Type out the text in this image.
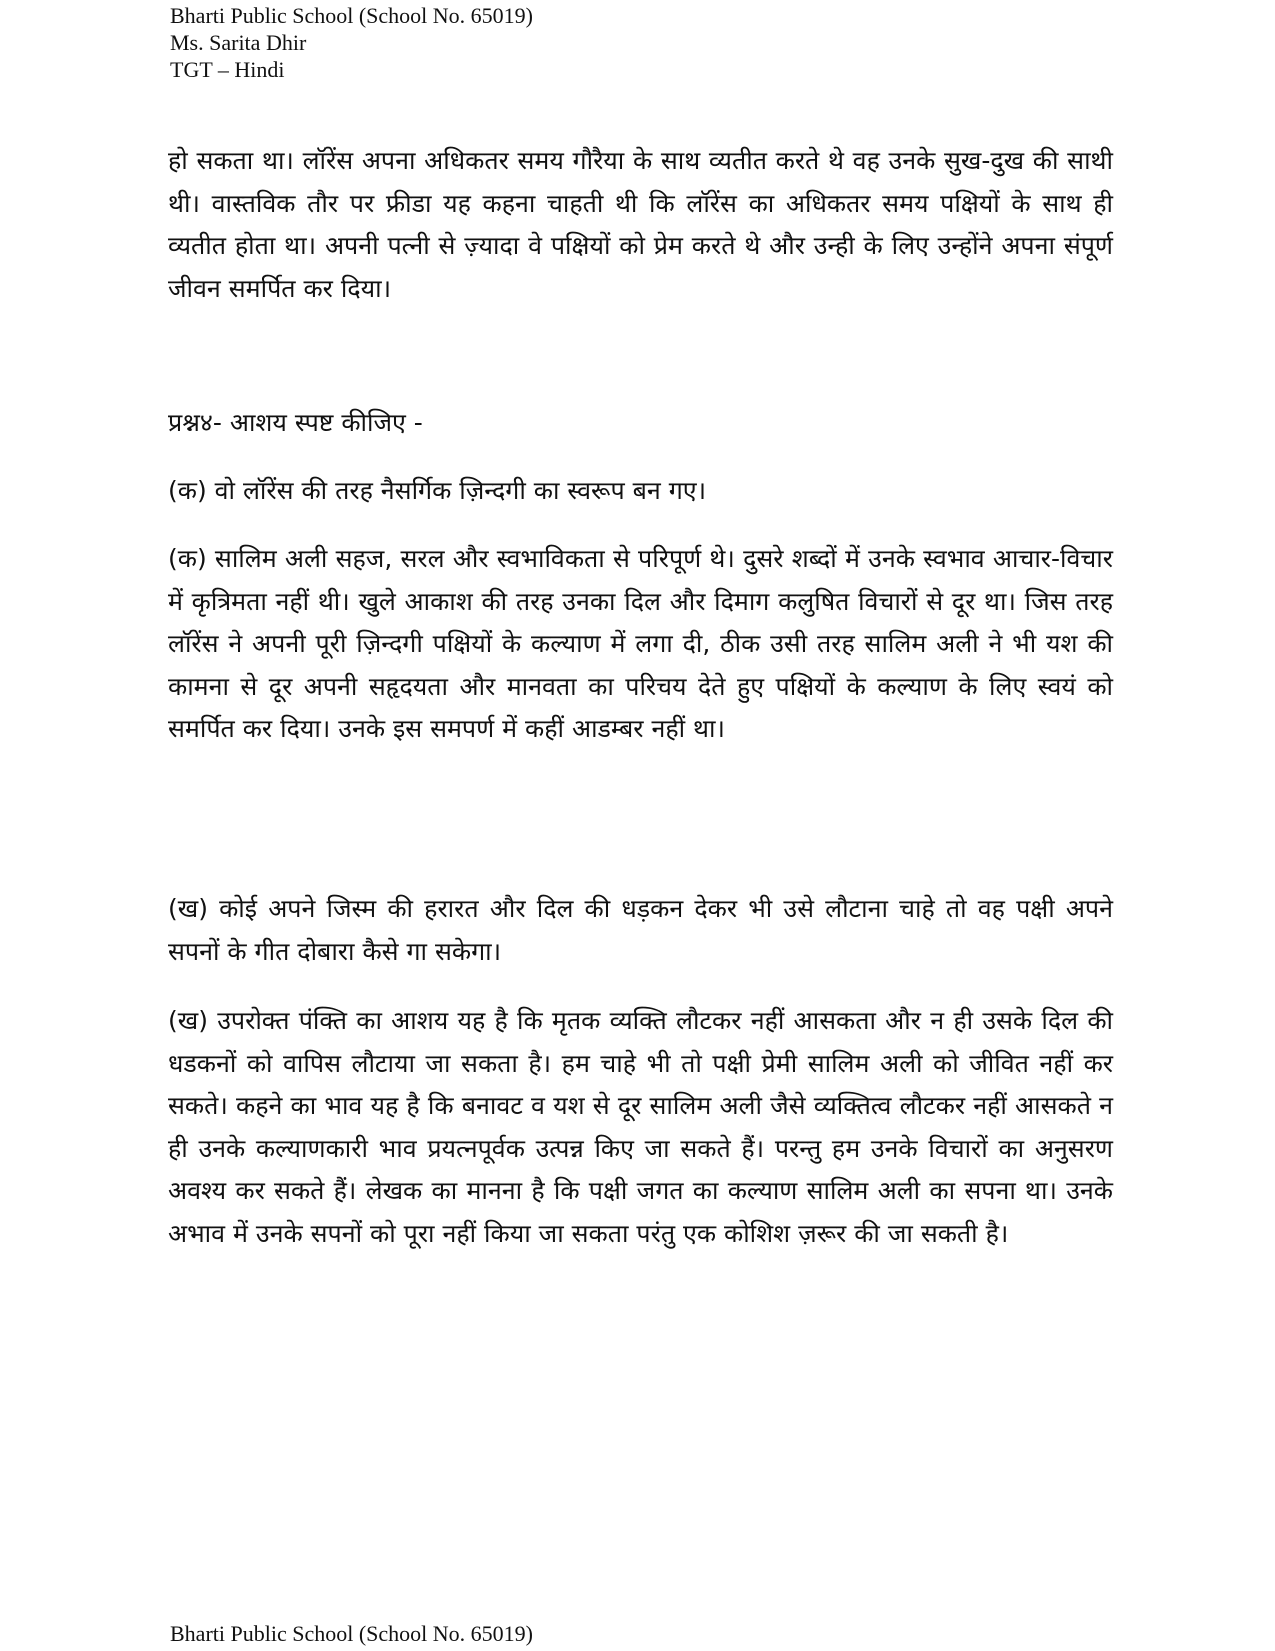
Bharti Public School (School No. 65019)
Ms. Sarita Dhir
TGT – Hindi

हो सकता था। लॉरेंस अपना अधिकतर समय गौरैया के साथ व्यतीत करते थे वह उनके सुख-दुख की साथी थी। वास्तविक तौर पर फ्रीडा यह कहना चाहती थी कि लॉरेंस का अधिकतर समय पक्षियों के साथ ही व्यतीत होता था। अपनी पत्नी से ज़्यादा वे पक्षियों को प्रेम करते थे और उन्ही के लिए उन्होंने अपना संपूर्ण जीवन समर्पित कर दिया।

प्रश्न४- आशय स्पष्ट कीजिए -

(क) वो लॉरेंस की तरह नैसर्गिक ज़िन्दगी का स्वरूप बन गए।

(क) सालिम अली सहज, सरल और स्वभाविकता से परिपूर्ण थे। दुसरे शब्दों में उनके स्वभाव आचार-विचार में कृत्रिमता नहीं थी। खुले आकाश की तरह उनका दिल और दिमाग कलुषित विचारों से दूर था। जिस तरह लॉरेंस ने अपनी पूरी ज़िन्दगी पक्षियों के कल्याण में लगा दी, ठीक उसी तरह सालिम अली ने भी यश की कामना से दूर अपनी सहृदयता और मानवता का परिचय देते हुए पक्षियों के कल्याण के लिए स्वयं को समर्पित कर दिया। उनके इस समपर्ण में कहीं आडम्बर नहीं था।

(ख) कोई अपने जिस्म की हरारत और दिल की धड़कन देकर भी उसे लौटाना चाहे तो वह पक्षी अपने सपनों के गीत दोबारा कैसे गा सकेगा।

(ख) उपरोक्त पंक्ति का आशय यह है कि मृतक व्यक्ति लौटकर नहीं आसकता और न ही उसके दिल की धडकनों को वापिस लौटाया जा सकता है। हम चाहे भी तो पक्षी प्रेमी सालिम अली को जीवित नहीं कर सकते। कहने का भाव यह है कि बनावट व यश से दूर सालिम अली जैसे व्यक्तित्व लौटकर नहीं आसकते न ही उनके कल्याणकारी भाव प्रयत्नपूर्वक उत्पन्न किए जा सकते हैं। परन्तु हम उनके विचारों का अनुसरण अवश्य कर सकते हैं। लेखक का मानना है कि पक्षी जगत का कल्याण सालिम अली का सपना था। उनके अभाव में उनके सपनों को पूरा नहीं किया जा सकता परंतु एक कोशिश ज़रूर की जा सकती है।

Bharti Public School (School No. 65019)
